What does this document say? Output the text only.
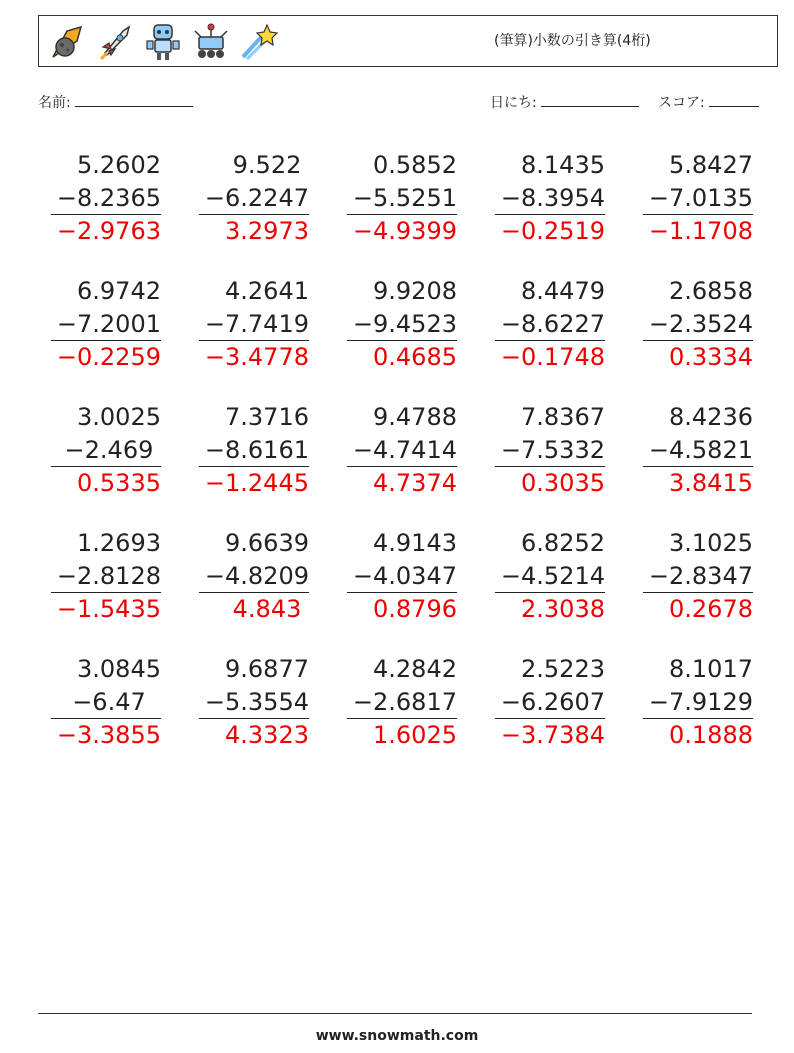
(筆算)小数の引き算(4桁)
名前:	日にち:	スコア:
5.2602
−8.2365
−2.9763
9.522
−6.2247
3.2973
0.5852
−5.5251
−4.9399
8.1435
−8.3954
−0.2519
5.8427
−7.0135
−1.1708
6.9742
−7.2001
−0.2259
4.2641
−7.7419
−3.4778
9.9208
−9.4523
0.4685
8.4479
−8.6227
−0.1748
2.6858
−2.3524
0.3334
3.0025
−2.469
0.5335
7.3716
−8.6161
−1.2445
9.4788
−4.7414
4.7374
7.8367
−7.5332
0.3035
8.4236
−4.5821
3.8415
1.2693
−2.8128
−1.5435
9.6639
−4.8209
4.843
4.9143
−4.0347
0.8796
6.8252
−4.5214
2.3038
3.1025
−2.8347
0.2678
3.0845
−6.47
−3.3855
9.6877
−5.3554
4.3323
4.2842
−2.6817
1.6025
2.5223
−6.2607
−3.7384
8.1017
−7.9129
0.1888
www.snowmath.com
